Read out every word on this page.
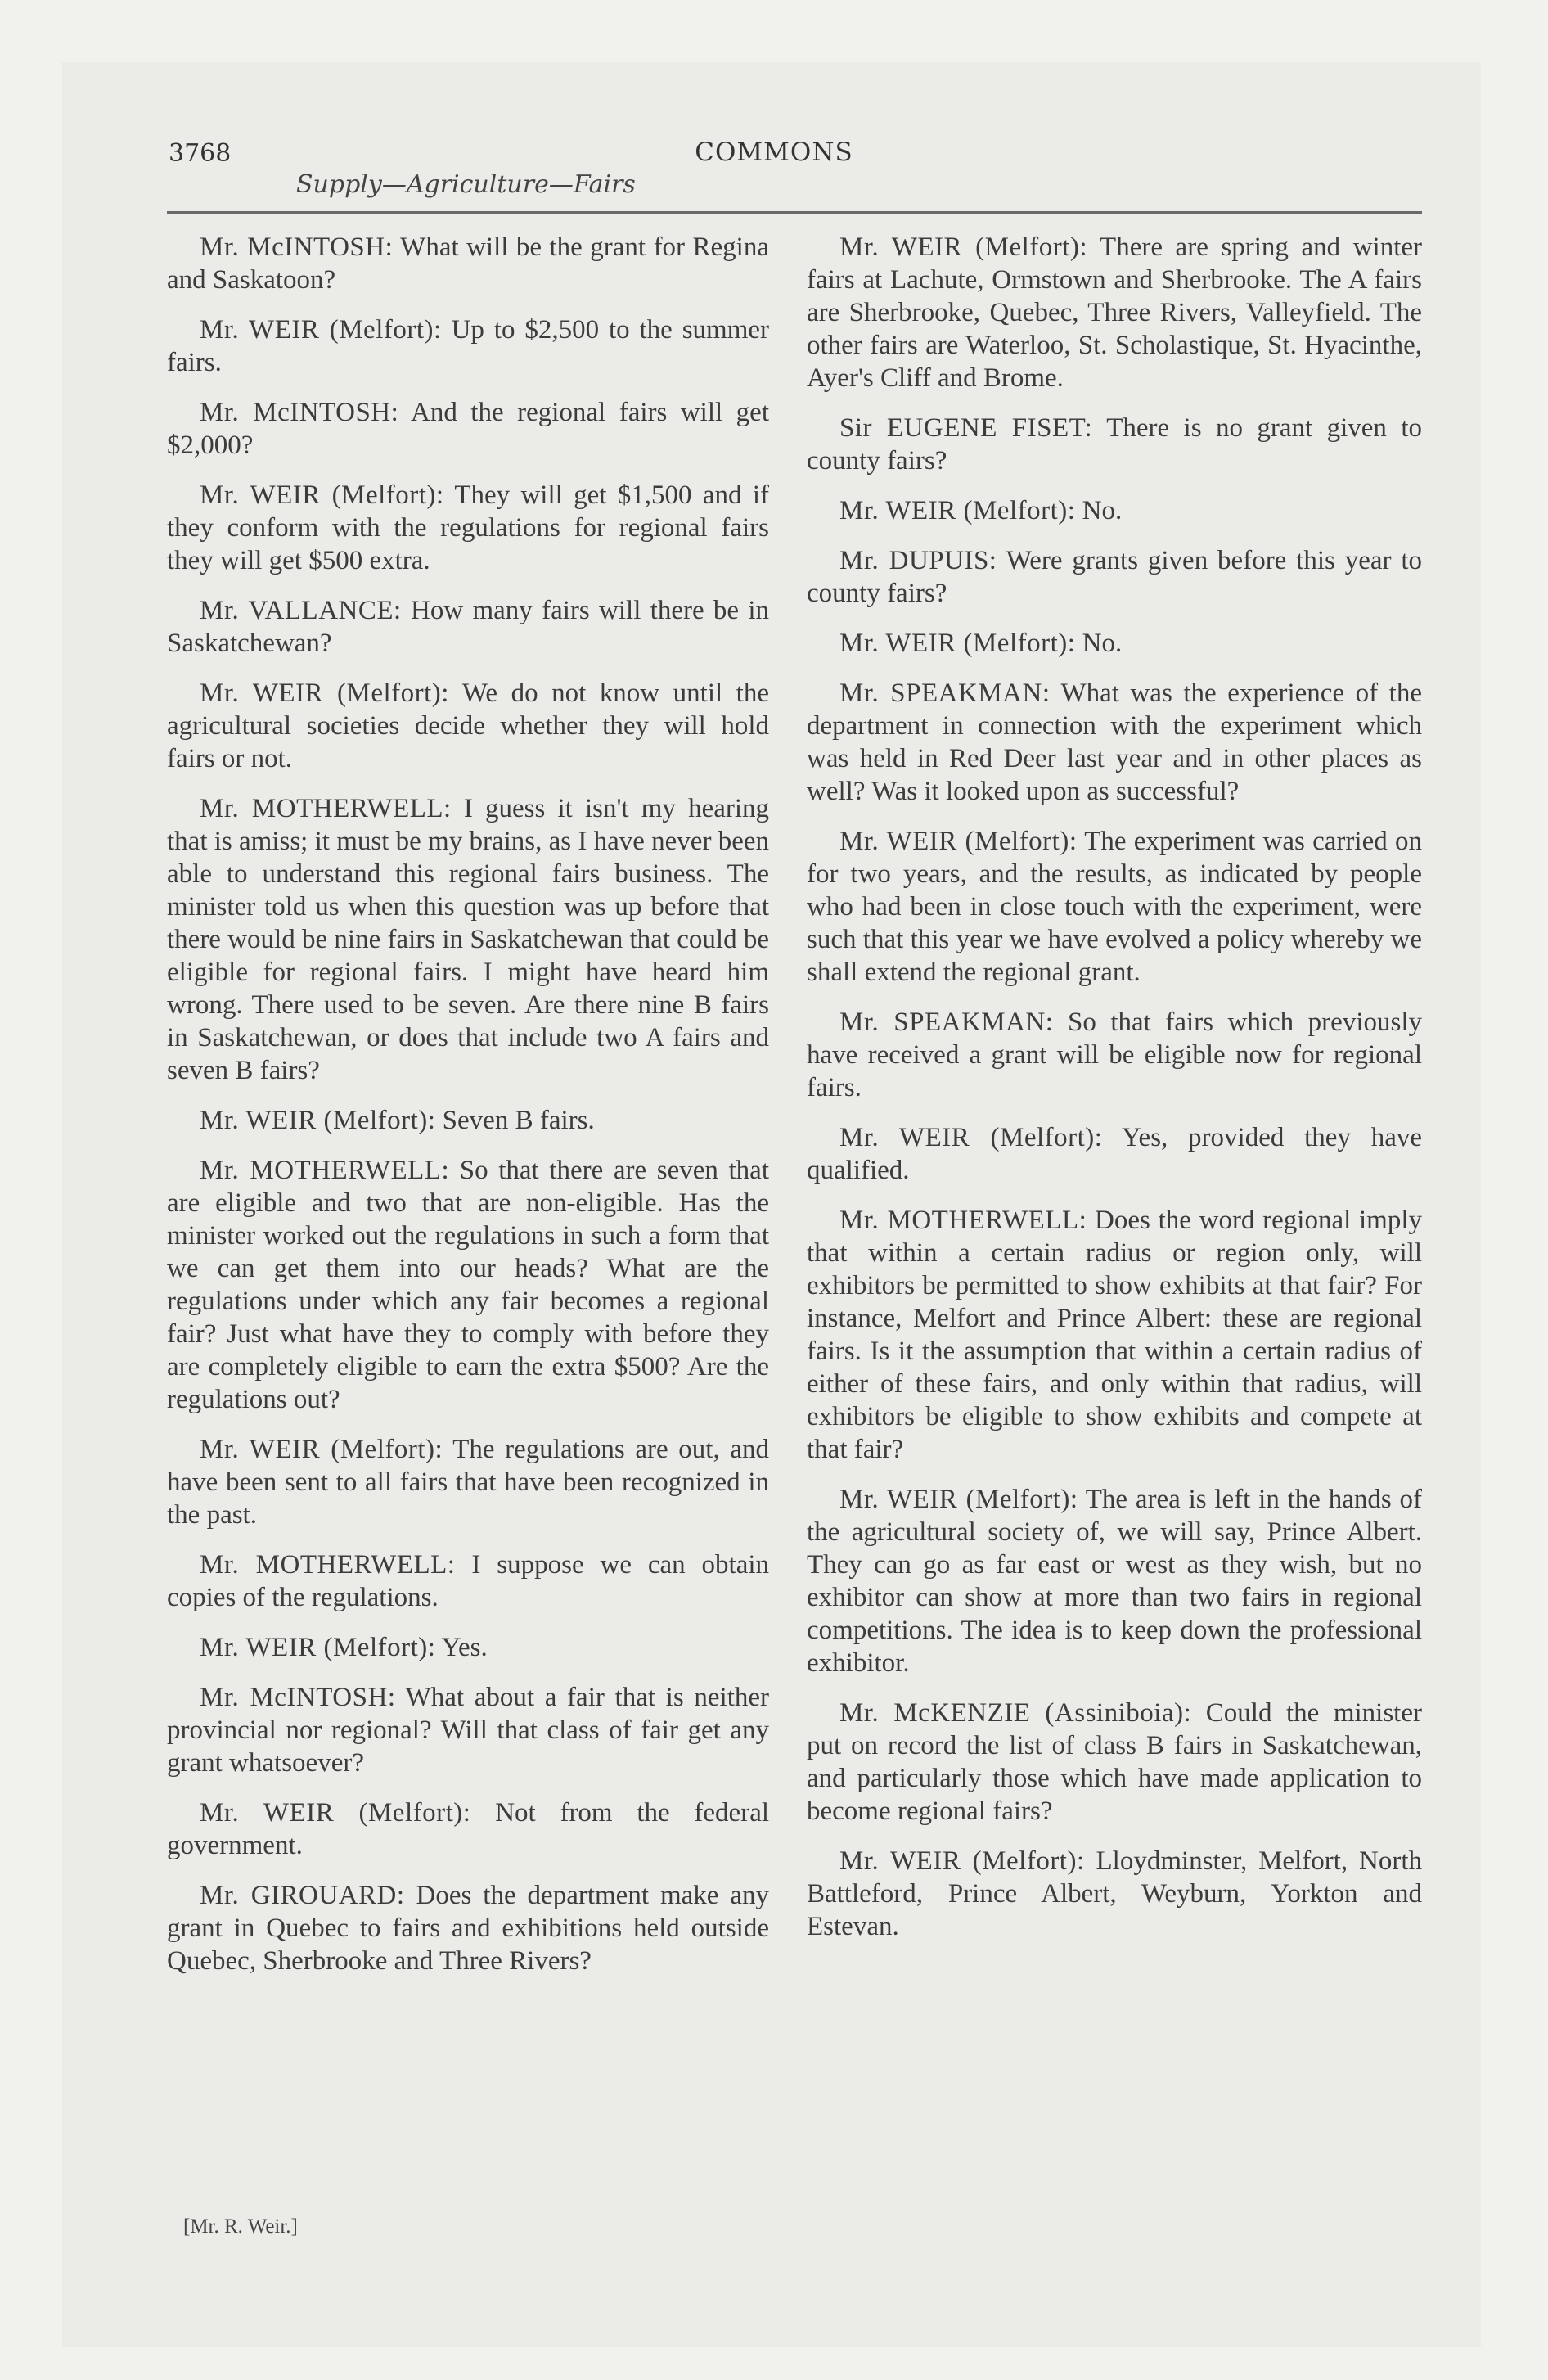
3768	COMMONS
Supply—Agriculture—Fairs

Mr. McINTOSH: What will be the grant for Regina and Saskatoon?

Mr. WEIR (Melfort): Up to $2,500 to the summer fairs.

Mr. McINTOSH: And the regional fairs will get $2,000?

Mr. WEIR (Melfort): They will get $1,500 and if they conform with the regulations for regional fairs they will get $500 extra.

Mr. VALLANCE: How many fairs will there be in Saskatchewan?

Mr. WEIR (Melfort): We do not know until the agricultural societies decide whether they will hold fairs or not.

Mr. MOTHERWELL: I guess it isn't my hearing that is amiss; it must be my brains, as I have never been able to understand this regional fairs business. The minister told us when this question was up before that there would be nine fairs in Saskatchewan that could be eligible for regional fairs. I might have heard him wrong. There used to be seven. Are there nine B fairs in Saskatchewan, or does that include two A fairs and seven B fairs?

Mr. WEIR (Melfort): Seven B fairs.

Mr. MOTHERWELL: So that there are seven that are eligible and two that are non-eligible. Has the minister worked out the regulations in such a form that we can get them into our heads? What are the regulations under which any fair becomes a regional fair? Just what have they to comply with before they are completely eligible to earn the extra $500? Are the regulations out?

Mr. WEIR (Melfort): The regulations are out, and have been sent to all fairs that have been recognized in the past.

Mr. MOTHERWELL: I suppose we can obtain copies of the regulations.

Mr. WEIR (Melfort): Yes.

Mr. McINTOSH: What about a fair that is neither provincial nor regional? Will that class of fair get any grant whatsoever?

Mr. WEIR (Melfort): Not from the federal government.

Mr. GIROUARD: Does the department make any grant in Quebec to fairs and exhibitions held outside Quebec, Sherbrooke and Three Rivers?

Mr. WEIR (Melfort): There are spring and winter fairs at Lachute, Ormstown and Sherbrooke. The A fairs are Sherbrooke, Quebec, Three Rivers, Valleyfield. The other fairs are Waterloo, St. Scholastique, St. Hyacinthe, Ayer's Cliff and Brome.

Sir EUGENE FISET: There is no grant given to county fairs?

Mr. WEIR (Melfort): No.

Mr. DUPUIS: Were grants given before this year to county fairs?

Mr. WEIR (Melfort): No.

Mr. SPEAKMAN: What was the experience of the department in connection with the experiment which was held in Red Deer last year and in other places as well? Was it looked upon as successful?

Mr. WEIR (Melfort): The experiment was carried on for two years, and the results, as indicated by people who had been in close touch with the experiment, were such that this year we have evolved a policy whereby we shall extend the regional grant.

Mr. SPEAKMAN: So that fairs which previously have received a grant will be eligible now for regional fairs.

Mr. WEIR (Melfort): Yes, provided they have qualified.

Mr. MOTHERWELL: Does the word regional imply that within a certain radius or region only, will exhibitors be permitted to show exhibits at that fair? For instance, Melfort and Prince Albert: these are regional fairs. Is it the assumption that within a certain radius of either of these fairs, and only within that radius, will exhibitors be eligible to show exhibits and compete at that fair?

Mr. WEIR (Melfort): The area is left in the hands of the agricultural society of, we will say, Prince Albert. They can go as far east or west as they wish, but no exhibitor can show at more than two fairs in regional competitions. The idea is to keep down the professional exhibitor.

Mr. McKENZIE (Assiniboia): Could the minister put on record the list of class B fairs in Saskatchewan, and particularly those which have made application to become regional fairs?

Mr. WEIR (Melfort): Lloydminster, Melfort, North Battleford, Prince Albert, Weyburn, Yorkton and Estevan.

[Mr. R. Weir.]
